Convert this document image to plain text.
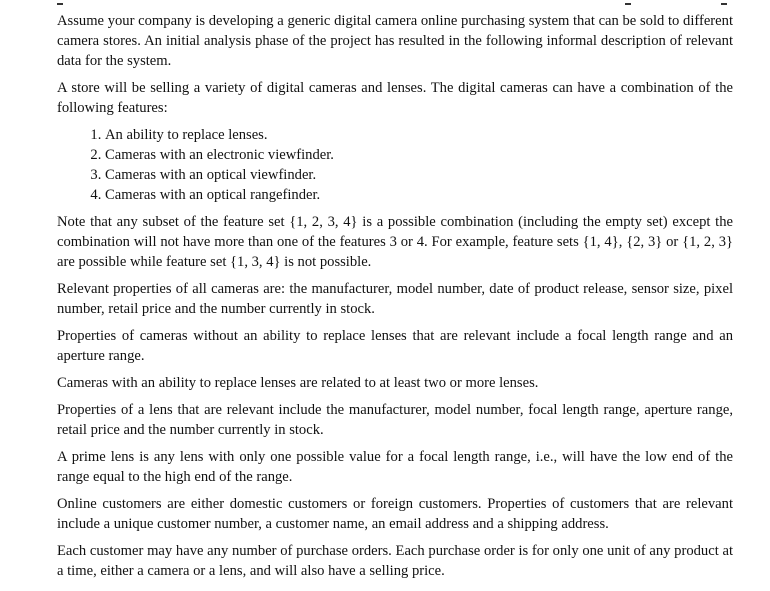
Assume your company is developing a generic digital camera online purchasing system that can be sold to different camera stores. An initial analysis phase of the project has resulted in the following informal description of relevant data for the system.

A store will be selling a variety of digital cameras and lenses. The digital cameras can have a combination of the following features:

1. An ability to replace lenses.
2. Cameras with an electronic viewfinder.
3. Cameras with an optical viewfinder.
4. Cameras with an optical rangefinder.

Note that any subset of the feature set {1, 2, 3, 4} is a possible combination (including the empty set) except the combination will not have more than one of the features 3 or 4. For example, feature sets {1, 4}, {2, 3} or {1, 2, 3} are possible while feature set {1, 3, 4} is not possible.

Relevant properties of all cameras are: the manufacturer, model number, date of product release, sensor size, pixel number, retail price and the number currently in stock.

Properties of cameras without an ability to replace lenses that are relevant include a focal length range and an aperture range.

Cameras with an ability to replace lenses are related to at least two or more lenses.

Properties of a lens that are relevant include the manufacturer, model number, focal length range, aperture range, retail price and the number currently in stock.

A prime lens is any lens with only one possible value for a focal length range, i.e., will have the low end of the range equal to the high end of the range.

Online customers are either domestic customers or foreign customers. Properties of customers that are relevant include a unique customer number, a customer name, an email address and a shipping address.

Each customer may have any number of purchase orders. Each purchase order is for only one unit of any product at a time, either a camera or a lens, and will also have a selling price.
